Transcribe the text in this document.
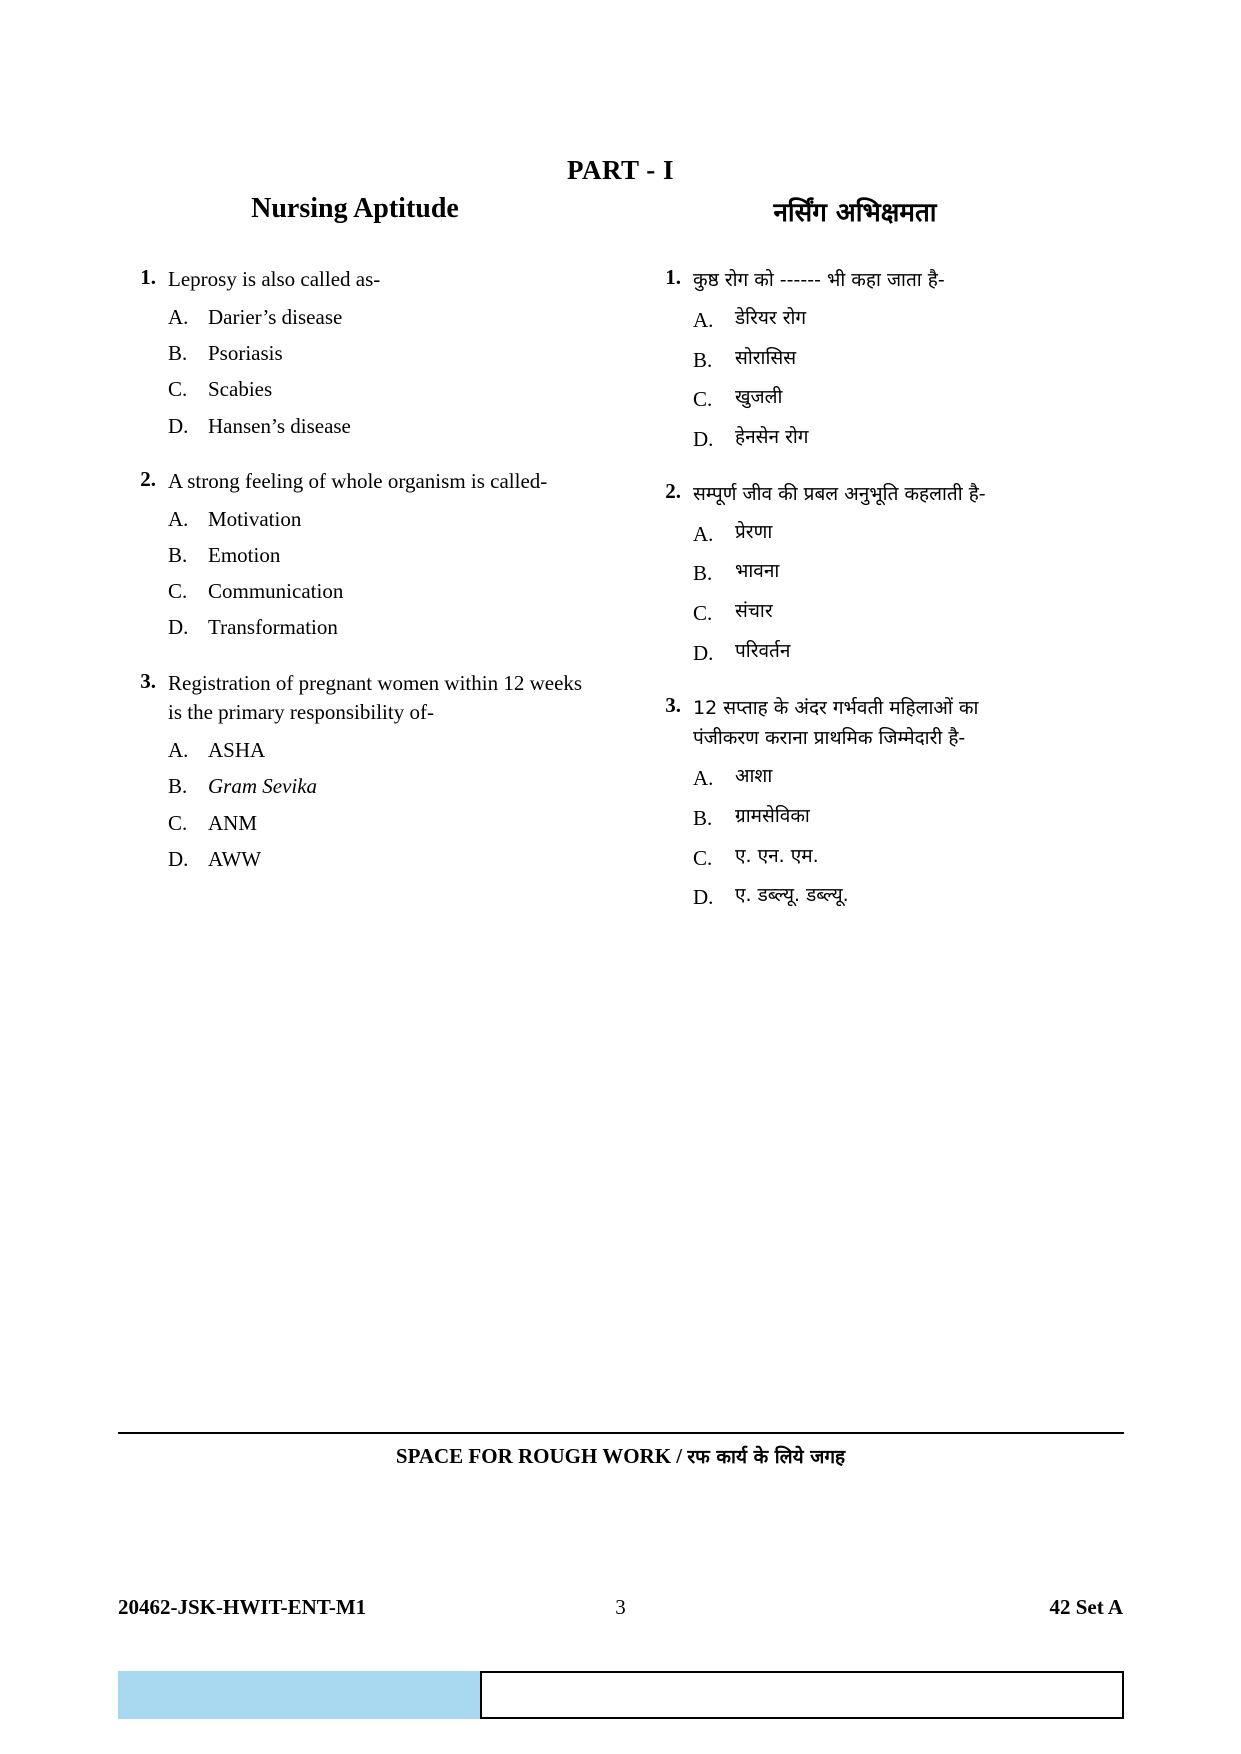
PART - I
Nursing Aptitude	नर्सिंग अभिक्षमता
1. Leprosy is also called as-
A. Darier’s disease
B. Psoriasis
C. Scabies
D. Hansen’s disease
2. A strong feeling of whole organism is called-
A. Motivation
B. Emotion
C. Communication
D. Transformation
3. Registration of pregnant women within 12 weeks is the primary responsibility of-
A. ASHA
B. Gram Sevika
C. ANM
D. AWW
1. कुष्ठ रोग को ------ भी कहा जाता है-
A. डेरियर रोग
B.	सोरासिस
C.	खुजली
D. हेनसेन रोग
2. सम्पूर्ण जीव की प्रबल अनुभूति कहलाती है-
A. प्रेरणा
B.	भावना
C.	संचार
D. परिवर्तन
3. 12 सप्ताह के अंदर गर्भवती महिलाओं का पंजीकरण कराना प्राथमिक जिम्मेदारी है-
A. आशा
B.	ग्रामसेविका
C.	ए. एन. एम.
D. ए. डब्ल्यू. डब्ल्यू.
SPACE FOR ROUGH WORK / रफ कार्य के लिये जगह
20462-JSK-HWIT-ENT-M1	3	42 Set A
